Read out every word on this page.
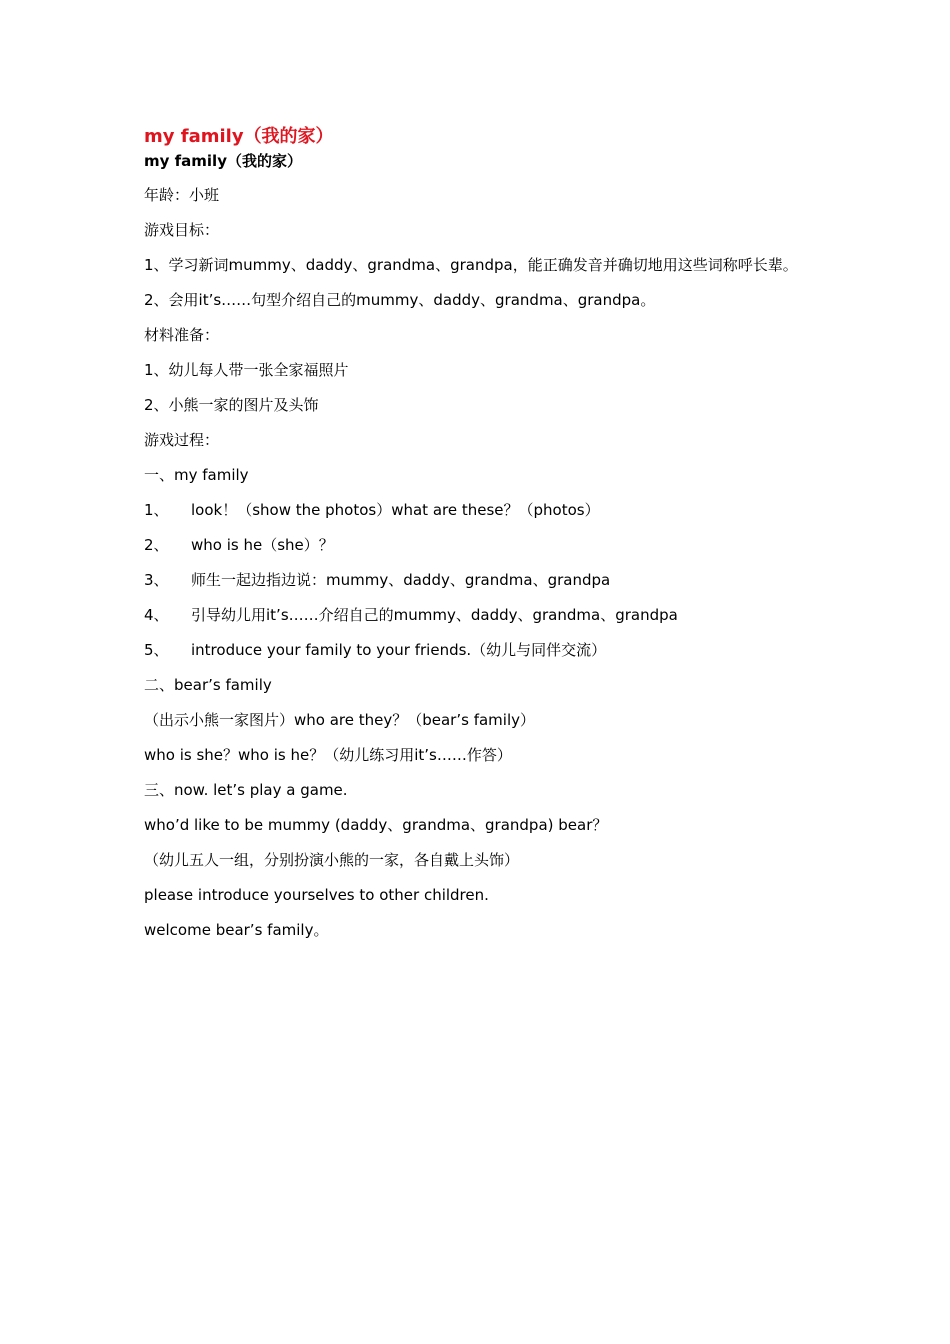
my family（我的家）

my family（我的家）

年龄：小班

游戏目标：

1、学习新词mummy、daddy、grandma、grandpa，能正确发音并确切地用这些词称呼长辈。

2、会用it’s……句型介绍自己的mummy、daddy、grandma、grandpa。

材料准备：

1、幼儿每人带一张全家福照片

2、小熊一家的图片及头饰

游戏过程：

一、my family

1、 look！（show the photos）what are these？（photos）

2、 who is he（she）？

3、 师生一起边指边说：mummy、daddy、grandma、grandpa

4、 引导幼儿用it’s……介绍自己的mummy、daddy、grandma、grandpa

5、 introduce your family to your friends.（幼儿与同伴交流）

二、bear’s family

（出示小熊一家图片）who are they？（bear’s family）

who is she？who is he？（幼儿练习用it’s……作答）

三、now. let’s play a game.

who’d like to be mummy (daddy、grandma、grandpa) bear？

（幼儿五人一组，分别扮演小熊的一家，各自戴上头饰）

please introduce yourselves to other children.

welcome bear’s family。
